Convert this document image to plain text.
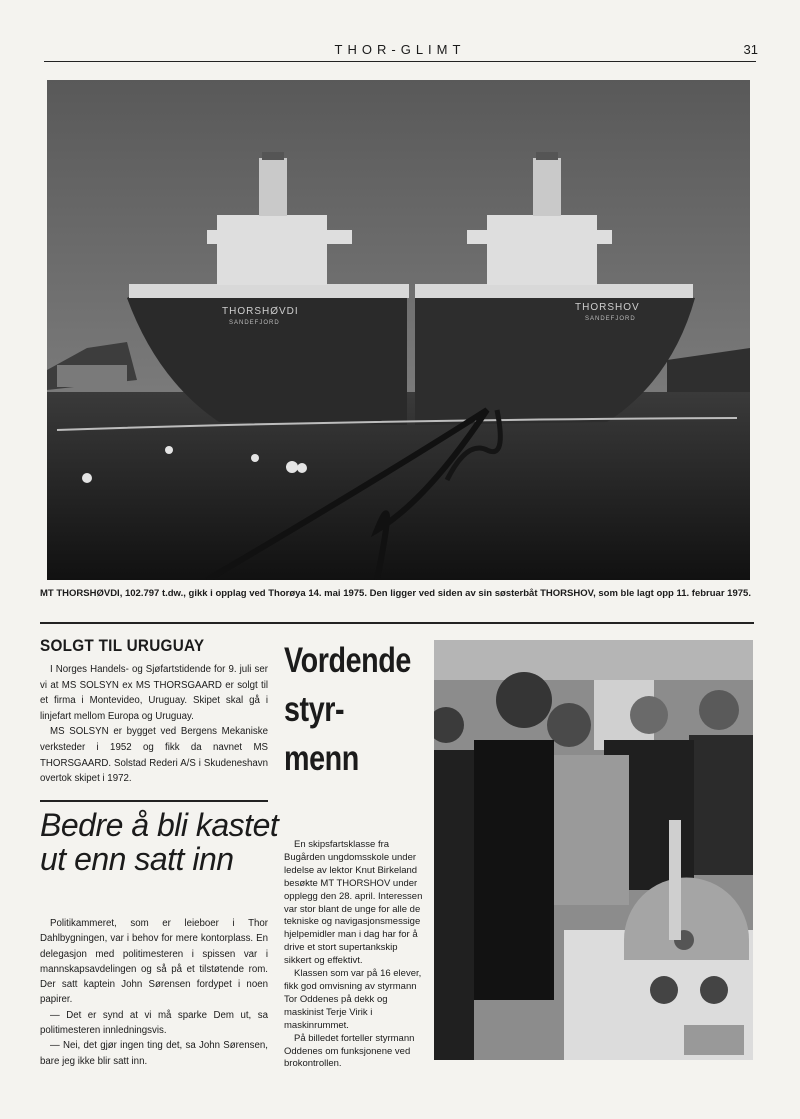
THOR-GLIMT	31
THORSHØVDI
SANDEFJORD
THORSHOV
SANDEFJORD
MT THORSHØVDI, 102.797 t.dw., gikk i opplag ved Thorøya 14. mai 1975. Den ligger ved siden av sin søsterbåt THORSHOV, som ble lagt opp 11. februar 1975.
SOLGT TIL URUGUAY

I Norges Handels- og Sjøfartstidende for 9. juli ser vi at MS SOLSYN ex MS THORSGAARD er solgt til et firma i Montevideo, Uruguay. Skipet skal gå i linjefart mellom Europa og Uruguay.

MS SOLSYN er bygget ved Bergens Mekaniske verksteder i 1952 og fikk da navnet MS THORSGAARD. Solstad Rederi A/S i Skudeneshavn overtok skipet i 1972.

Bedre å bli kastet ut enn satt inn

Politikammeret, som er leieboer i Thor Dahlbygningen, var i behov for mere kontorplass. En delegasjon med politimesteren i spissen var i mannskapsavdelingen og så på et tilstøtende rom. Der satt kaptein John Sørensen fordypet i noen papirer.

— Det er synd at vi må sparke Dem ut, sa politimesteren innledningsvis.

— Nei, det gjør ingen ting det, sa John Sørensen, bare jeg ikke blir satt inn.

Vordende styr-menn

En skipsfartsklasse fra Bugården ungdomsskole under ledelse av lektor Knut Birkeland besøkte MT THORSHOV under opplegg den 28. april. Interessen var stor blant de unge for alle de tekniske og navigasjonsmessige hjelpemidler man i dag har for å drive et stort supertankskip sikkert og effektivt.

Klassen som var på 16 elever, fikk god omvisning av styrmann Tor Oddenes på dekk og maskinist Terje Virik i maskinrummet.

På billedet forteller styrmann Oddenes om funksjonene ved brokontrollen.
